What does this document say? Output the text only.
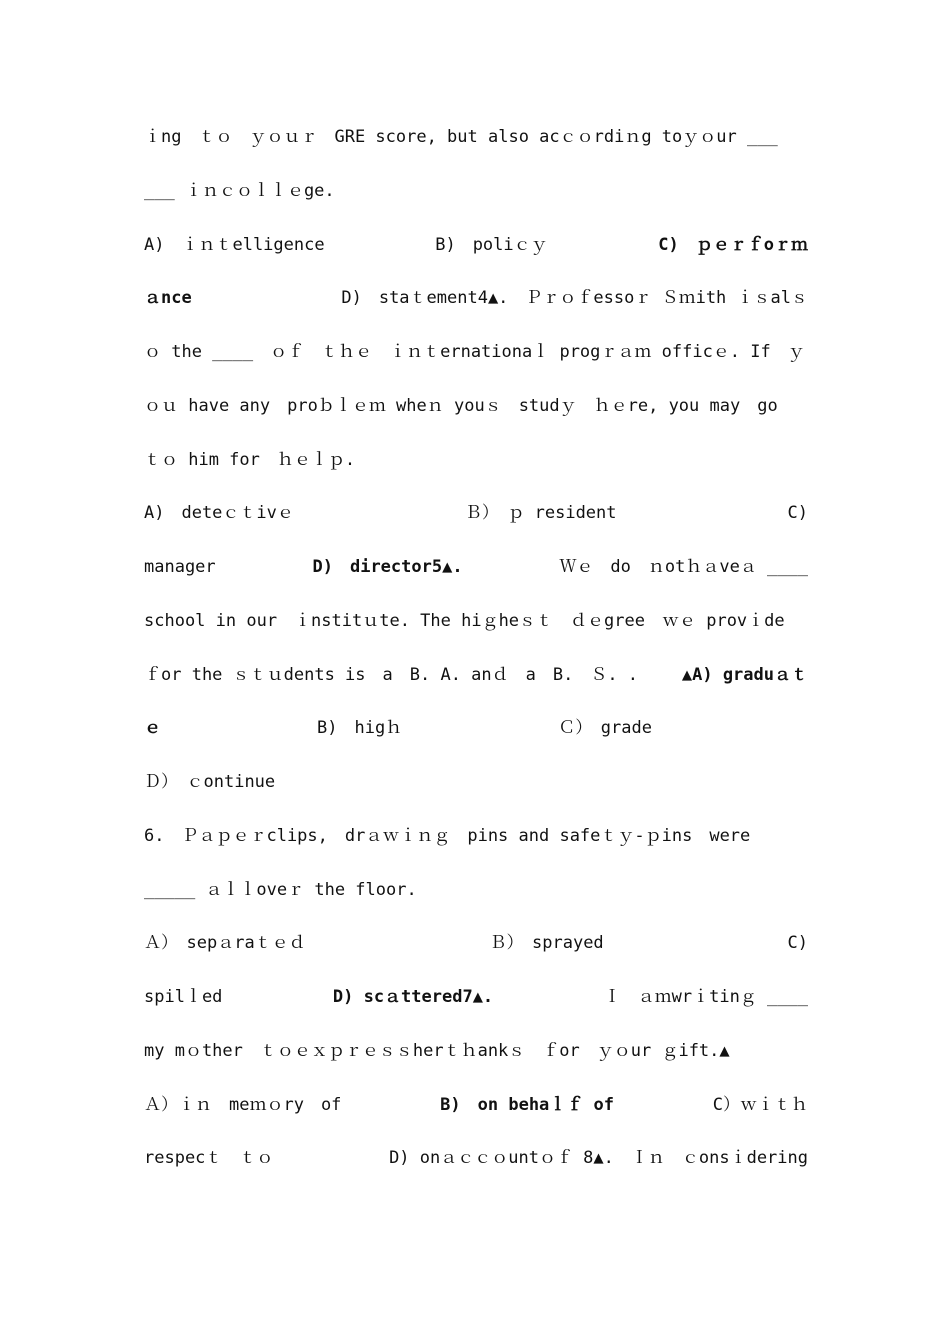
ｉng　ｔｏ　ｙｏｕｒ　GRE score, but also acｃｏrdiｎg toｙｏur ___
___ ｉｎｃｏｌｌｅge.
A)　ｉｎｔelligence	B)　poliｃｙ	C)　ｐｅｒｆoｒｍ
ａnce	D)　staｔement4▲.　Ｐｒｏｆessoｒ Ｓｍith ｉｓalｓ
ｏ the ____　ｏｆ　ｔｈｅ　ｉｎｔernationaｌ progｒａｍ officｅ. If　ｙ
ｏｕ have any　proｂｌｅｍ wheｎ youｓ　studｙ　ｈｅre, you may　go
ｔｏ him for　ｈｅｌｐ.
A)　deteｃｔivｅ	Ｂ）　ｐ resident	C)
manager	D)　director5▲.	Ｗｅ　do　ｎotｈａveａ ____
school in our　ｉnstitｕte. The hiｇheｓｔ　ｄｅgree　ｗｅ provｉde
ｆor the ｓｔｕdents is　a　B. A. anｄ　a　B.　Ｓ. .	▲A) graduａｔ
ｅ	B)　higｈ	Ｃ）　grade
Ｄ）　ｃontinue
6.　Ｐａｐｅｒclips,　drａｗｉｎｇ　pins and safeｔｙ-ｐins　were
_____ ａｌｌoveｒ the floor.
Ａ）　sepａraｔｅｄ	Ｂ）　sprayed	C)
spilｌed	D) scａttered7▲.	Ｉ　ａｍwrｉtinｇ ____
my mｏther　ｔｏｅｘｐｒｅｓｓherｔｈankｓ　ｆor　ｙｏur ｇift.▲
Ａ）ｉｎ　meｍｏry　of	B)　on behaｌｆ of	C）ｗｉｔｈ
respecｔ　ｔｏ	D) onａｃｃｏuntｏｆ 8▲.　Ｉｎ　ｃonsｉdering
